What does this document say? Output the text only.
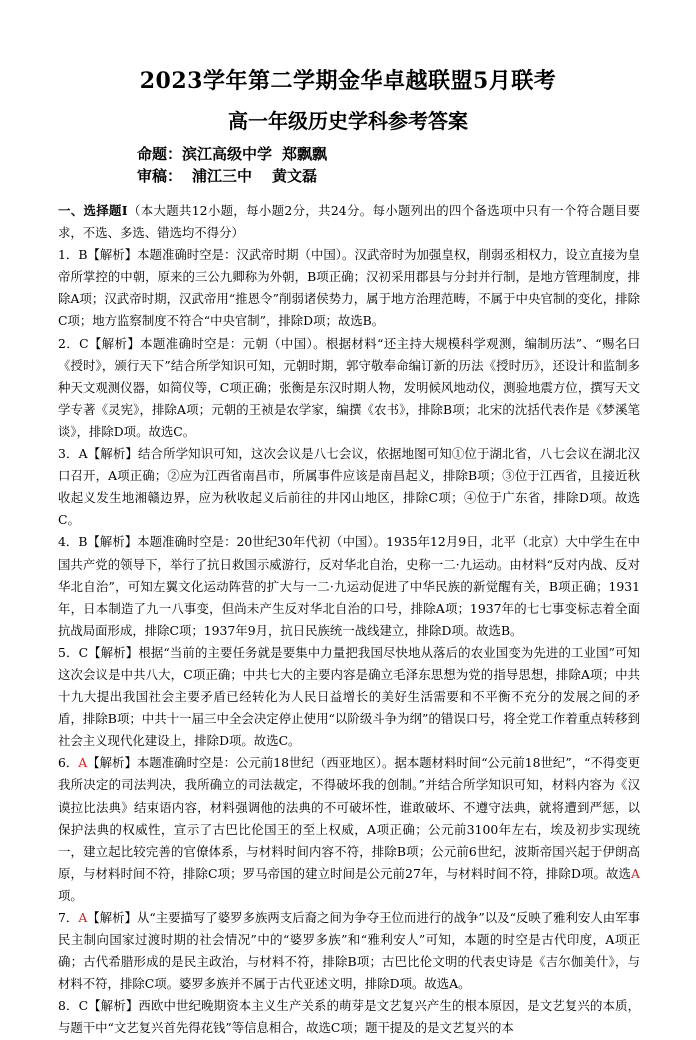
2023学年第二学期金华卓越联盟5月联考
高一年级历史学科参考答案
命题：滨江高级中学 郑飘飘
审稿： 浦江三中 黄文磊

一、选择题Ⅰ（本大题共12小题，每小题2分，共24分。每小题列出的四个备选项中只有一个符合题目要求，不选、多选、错选均不得分）

1．B【解析】本题准确时空是：汉武帝时期（中国）。汉武帝时为加强皇权，削弱丞相权力，设立直接为皇帝所掌控的中朝，原来的三公九卿称为外朝，B项正确；汉初采用郡县与分封并行制，是地方管理制度，排除A项；汉武帝时期，汉武帝用“推恩令”削弱诸侯势力，属于地方治理范畴，不属于中央官制的变化，排除C项；地方监察制度不符合“中央官制”，排除D项；故选B。

2．C【解析】本题准确时空是：元朝（中国）。根据材料“还主持大规模科学观测，编制历法”、“赐名曰《授时》，颁行天下”结合所学知识可知，元朝时期，郭守敬奉命编订新的历法《授时历》，还设计和监制多种天文观测仪器，如简仪等，C项正确；张衡是东汉时期人物，发明候风地动仪，测验地震方位，撰写天文学专著《灵宪》，排除A项；元朝的王祯是农学家，编撰《农书》，排除B项；北宋的沈括代表作是《梦溪笔谈》，排除D项。故选C。

3．A【解析】结合所学知识可知，这次会议是八七会议，依据地图可知①位于湖北省，八七会议在湖北汉口召开，A项正确；②应为江西省南昌市，所属事件应该是南昌起义，排除B项；③位于江西省，且接近秋收起义发生地湘赣边界，应为秋收起义后前往的井冈山地区，排除C项；④位于广东省，排除D项。故选C。

4．B【解析】本题准确时空是：20世纪30年代初（中国）。1935年12月9日，北平（北京）大中学生在中国共产党的领导下，举行了抗日救国示威游行，反对华北自治，史称一二·九运动。由材料“反对内战、反对华北自治”，可知左翼文化运动阵营的扩大与一二·九运动促进了中华民族的新觉醒有关，B项正确；1931年，日本制造了九一八事变，但尚未产生反对华北自治的口号，排除A项；1937年的七七事变标志着全面抗战局面形成，排除C项；1937年9月，抗日民族统一战线建立，排除D项。故选B。

5．C【解析】根据“当前的主要任务就是要集中力量把我国尽快地从落后的农业国变为先进的工业国”可知这次会议是中共八大，C项正确；中共七大的主要内容是确立毛泽东思想为党的指导思想，排除A项；中共十九大提出我国社会主要矛盾已经转化为人民日益增长的美好生活需要和不平衡不充分的发展之间的矛盾，排除B项；中共十一届三中全会决定停止使用“以阶级斗争为纲”的错误口号，将全党工作着重点转移到社会主义现代化建设上，排除D项。故选C。

6．A【解析】本题准确时空是：公元前18世纪（西亚地区）。据本题材料时间“公元前18世纪”，“不得变更我所决定的司法判决，我所确立的司法裁定，不得破坏我的创制。”并结合所学知识可知，材料内容为《汉谟拉比法典》结束语内容，材料强调他的法典的不可破坏性，谁敢破坏、不遵守法典，就将遭到严惩，以保护法典的权威性，宣示了古巴比伦国王的至上权威，A项正确；公元前3100年左右，埃及初步实现统一，建立起比较完善的官僚体系，与材料时间内容不符，排除B项；公元前6世纪，波斯帝国兴起于伊朗高原，与材料时间不符，排除C项；罗马帝国的建立时间是公元前27年，与材料时间不符，排除D项。故选A项。

7．A【解析】从“主要描写了婆罗多族两支后裔之间为争夺王位而进行的战争”以及“反映了雅利安人由军事民主制向国家过渡时期的社会情况”中的“婆罗多族”和“雅利安人”可知，本题的时空是古代印度，A项正确；古代希腊形成的是民主政治，与材料不符，排除B项；古巴比伦文明的代表史诗是《吉尔伽美什》，与材料不符，排除C项。婆罗多族并不属于古代亚述文明，排除D项。故选A。

8．C【解析】西欧中世纪晚期资本主义生产关系的萌芽是文艺复兴产生的根本原因，是文艺复兴的本质，与题干中“文艺复兴首先得花钱”等信息相合，故选C项；题干提及的是文艺复兴的本
